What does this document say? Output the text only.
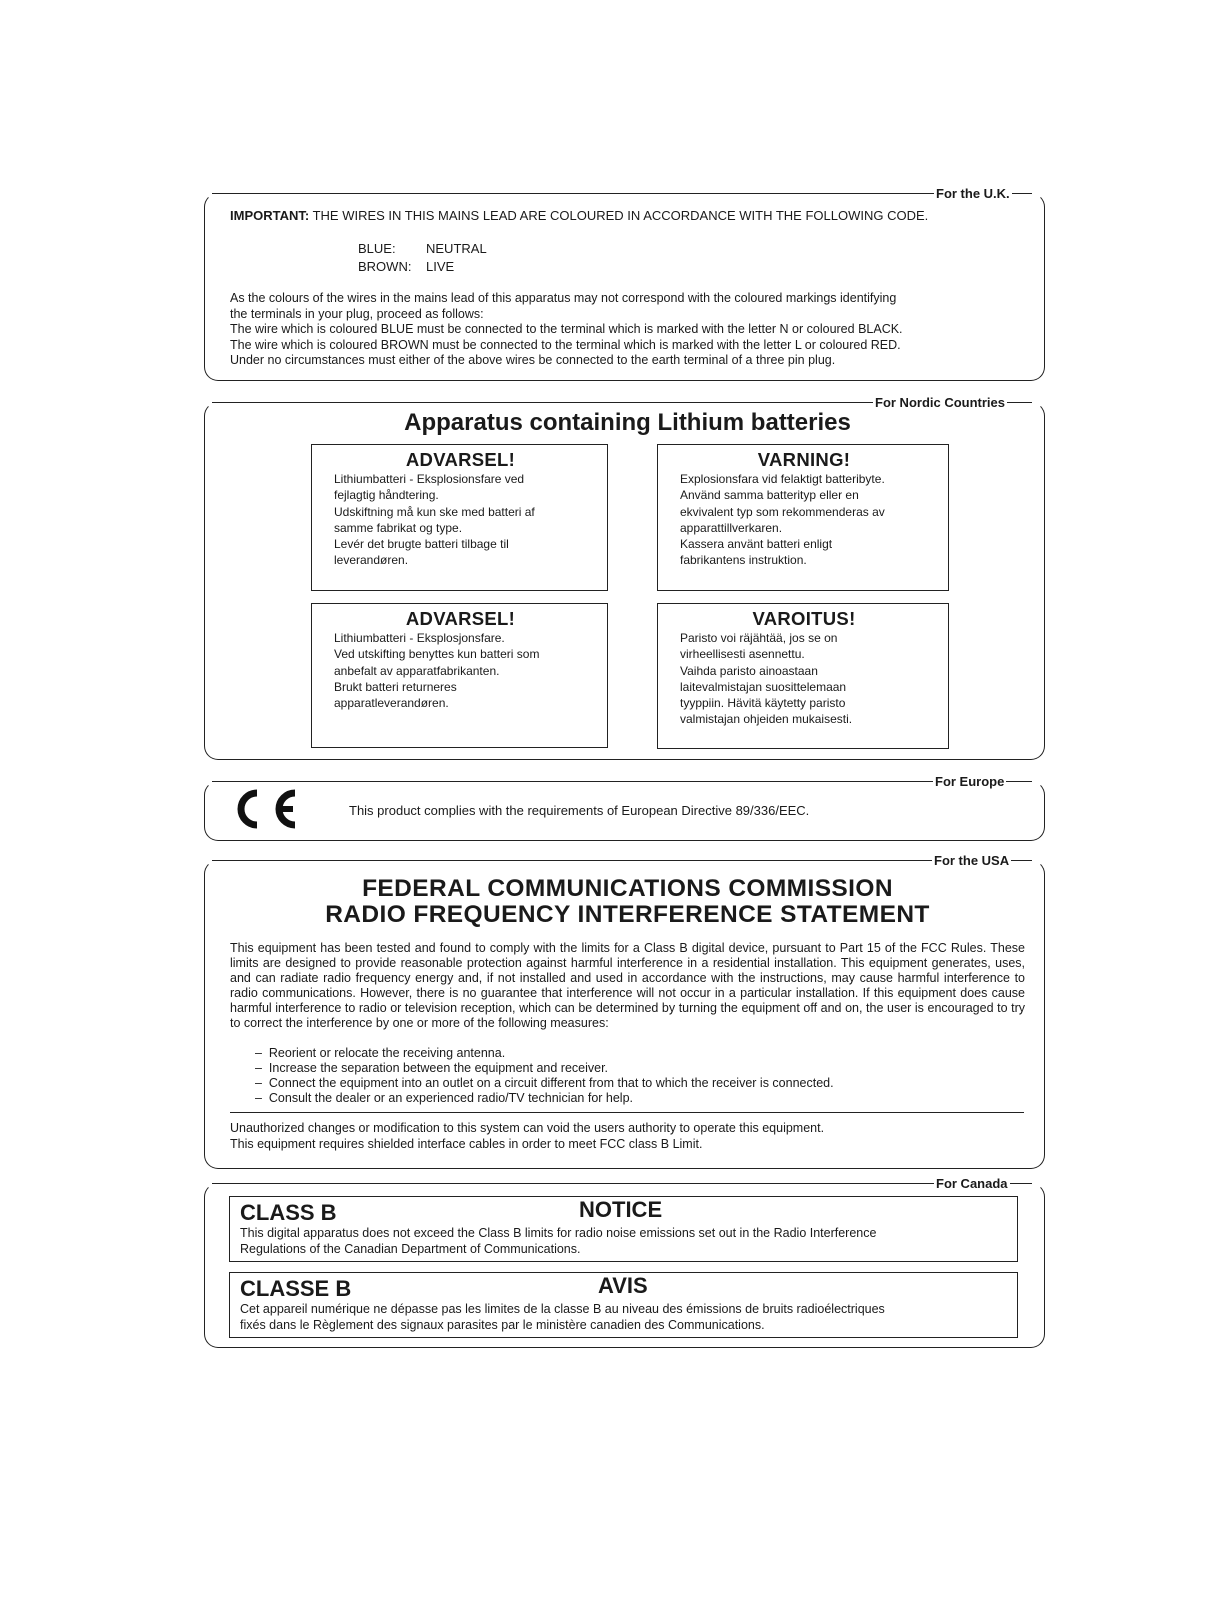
For the U.K.
IMPORTANT: THE WIRES IN THIS MAINS LEAD ARE COLOURED IN ACCORDANCE WITH THE FOLLOWING CODE.
BLUE: NEUTRAL
BROWN: LIVE
As the colours of the wires in the mains lead of this apparatus may not correspond with the coloured markings identifying
the terminals in your plug, proceed as follows:
The wire which is coloured BLUE must be connected to the terminal which is marked with the letter N or coloured BLACK.
The wire which is coloured BROWN must be connected to the terminal which is marked with the letter L or coloured RED.
Under no circumstances must either of the above wires be connected to the earth terminal of a three pin plug.
For Nordic Countries
Apparatus containing Lithium batteries
ADVARSEL!
Lithiumbatteri - Eksplosionsfare ved
fejlagtig håndtering.
Udskiftning må kun ske med batteri af
samme fabrikat og type.
Levér det brugte batteri tilbage til
leverandøren.
VARNING!
Explosionsfara vid felaktigt batteribyte.
Använd samma batterityp eller en
ekvivalent typ som rekommenderas av
apparattillverkaren.
Kassera använt batteri enligt
fabrikantens instruktion.
ADVARSEL!
Lithiumbatteri - Eksplosjonsfare.
Ved utskifting benyttes kun batteri som
anbefalt av apparatfabrikanten.
Brukt batteri returneres
apparatleverandøren.
VAROITUS!
Paristo voi räjähtää, jos se on
virheellisesti asennettu.
Vaihda paristo ainoastaan
laitevalmistajan suosittelemaan
tyyppiin. Hävitä käytetty paristo
valmistajan ohjeiden mukaisesti.
For Europe
This product complies with the requirements of European Directive 89/336/EEC.
For the USA
FEDERAL COMMUNICATIONS COMMISSION
RADIO FREQUENCY INTERFERENCE STATEMENT
This equipment has been tested and found to comply with the limits for a Class B digital device, pursuant to Part 15 of the FCC Rules. These limits are designed to provide reasonable protection against harmful interference in a residential installation. This equipment generates, uses, and can radiate radio frequency energy and, if not installed and used in accordance with the instructions, may cause harmful interference to radio communications. However, there is no guarantee that interference will not occur in a particular installation. If this equipment does cause harmful interference to radio or television reception, which can be determined by turning the equipment off and on, the user is encouraged to try to correct the interference by one or more of the following measures:
–  Reorient or relocate the receiving antenna.
–  Increase the separation between the equipment and receiver.
–  Connect the equipment into an outlet on a circuit different from that to which the receiver is connected.
–  Consult the dealer or an experienced radio/TV technician for help.
Unauthorized changes or modification to this system can void the users authority to operate this equipment.
This equipment requires shielded interface cables in order to meet FCC class B Limit.
For Canada
CLASS B	NOTICE
This digital apparatus does not exceed the Class B limits for radio noise emissions set out in the Radio Interference
Regulations of the Canadian Department of Communications.
CLASSE B	AVIS
Cet appareil numérique ne dépasse pas les limites de la classe B au niveau des émissions de bruits radioélectriques
fixés dans le Règlement des signaux parasites par le ministère canadien des Communications.
